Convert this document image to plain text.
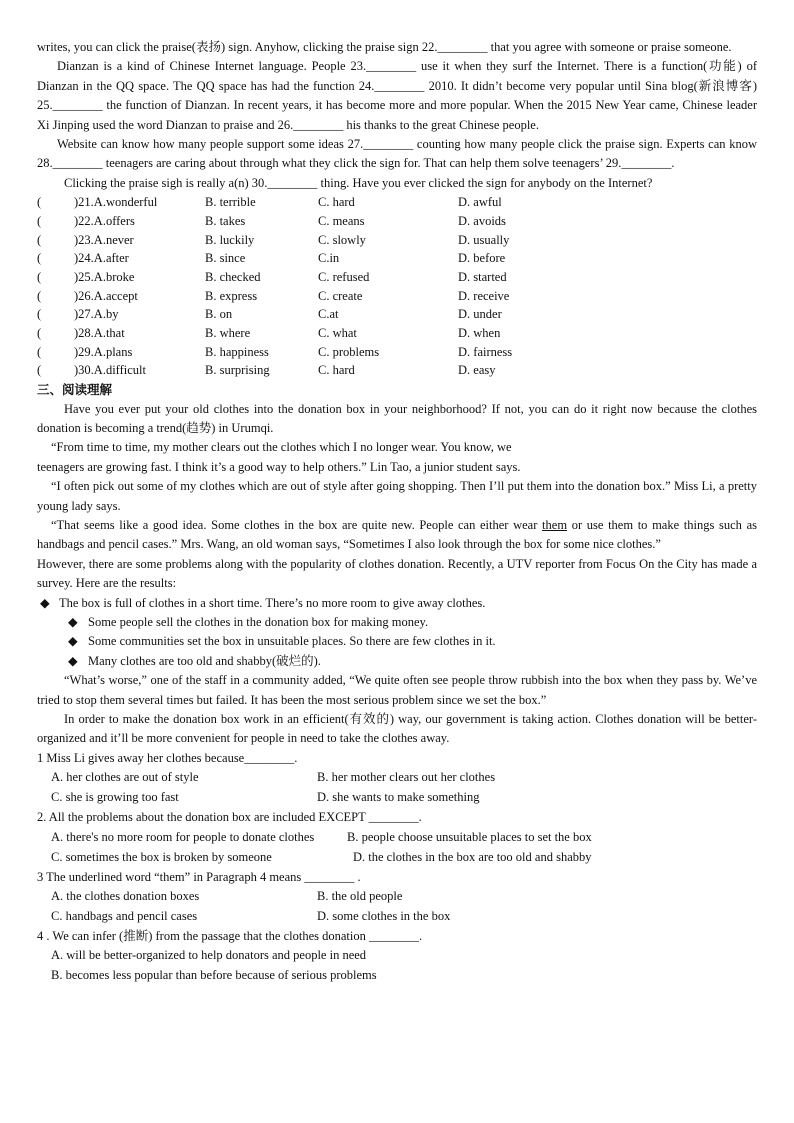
writes, you can click the praise(表扬) sign. Anyhow, clicking the praise sign 22.________ that you agree with someone or praise someone.

Dianzan is a kind of Chinese Internet language. People 23.________ use it when they surf the Internet. There is a function(功能) of Dianzan in the QQ space. The QQ space has had the function 24.________ 2010. It didn’t become very popular until Sina blog(新浪博客) 25.________ the function of Dianzan. In recent years, it has become more and more popular. When the 2015 New Year came, Chinese leader Xi Jinping used the word Dianzan to praise and 26.________ his thanks to the great Chinese people.

Website can know how many people support some ideas 27.________ counting how many people click the praise sign. Experts can know 28.________ teenagers are caring about through what they click the sign for. That can help them solve teenagers’ 29.________.

Clicking the praise sigh is really a(n) 30.________ thing. Have you ever clicked the sign for anybody on the Internet?

(	)21.A.wonderful	B. terrible	C. hard	D. awful
(	)22.A.offers	B. takes	C. means	D. avoids
(	)23.A.never	B. luckily	C. slowly	D. usually
(	)24.A.after	B. since	C.in	D. before
(	)25.A.broke	B. checked	C. refused	D. started
(	)26.A.accept	B. express	C. create	D. receive
(	)27.A.by	B. on	C.at	D. under
(	)28.A.that	B. where	C. what	D. when
(	)29.A.plans	B. happiness	C. problems	D. fairness
(	)30.A.difficult	B. surprising	C. hard	D. easy

三、阅读理解

Have you ever put your old clothes into the donation box in your neighborhood? If not, you can do it right now because the clothes donation is becoming a trend(趋势) in Urumqi.

“From time to time, my mother clears out the clothes which I no longer wear. You know, we

teenagers are growing fast. I think it’s a good way to help others.” Lin Tao, a junior student says.

“I often pick out some of my clothes which are out of style after going shopping. Then I’ll put them into the donation box.” Miss Li, a pretty young lady says.

“That seems like a good idea. Some clothes in the box are quite new. People can either wear them or use them to make things such as handbags and pencil cases.” Mrs. Wang, an old woman says, “Sometimes I also look through the box for some nice clothes.”

However, there are some problems along with the popularity of clothes donation. Recently, a UTV reporter from Focus On the City has made a survey. Here are the results:

◆ The box is full of clothes in a short time. There’s no more room to give away clothes.
◆ Some people sell the clothes in the donation box for making money.
◆ Some communities set the box in unsuitable places. So there are few clothes in it.
◆ Many clothes are too old and shabby(破烂的).

“What’s worse,” one of the staff in a community added, “We quite often see people throw rubbish into the box when they pass by. We’ve tried to stop them several times but failed. It has been the most serious problem since we set the box.”

In order to make the donation box work in an efficient(有效的) way, our government is taking action. Clothes donation will be better-organized and it’ll be more convenient for people in need to take the clothes away.

1 Miss Li gives away her clothes because________.

A. her clothes are out of style	B. her mother clears out her clothes
C. she is growing too fast	D. she wants to make something

2. All the problems about the donation box are included EXCEPT ________.

A. there's no more room for people to donate clothes	B. people choose unsuitable places to set the box
C. sometimes the box is broken by someone	D. the clothes in the box are too old and shabby

3 The underlined word “them” in Paragraph 4 means ________ .

A. the clothes donation boxes	B. the old people
C. handbags and pencil cases	D. some clothes in the box

4 . We can infer (推断) from the passage that the clothes donation ________.

A. will be better-organized to help donators and people in need
B. becomes less popular than before because of serious problems
